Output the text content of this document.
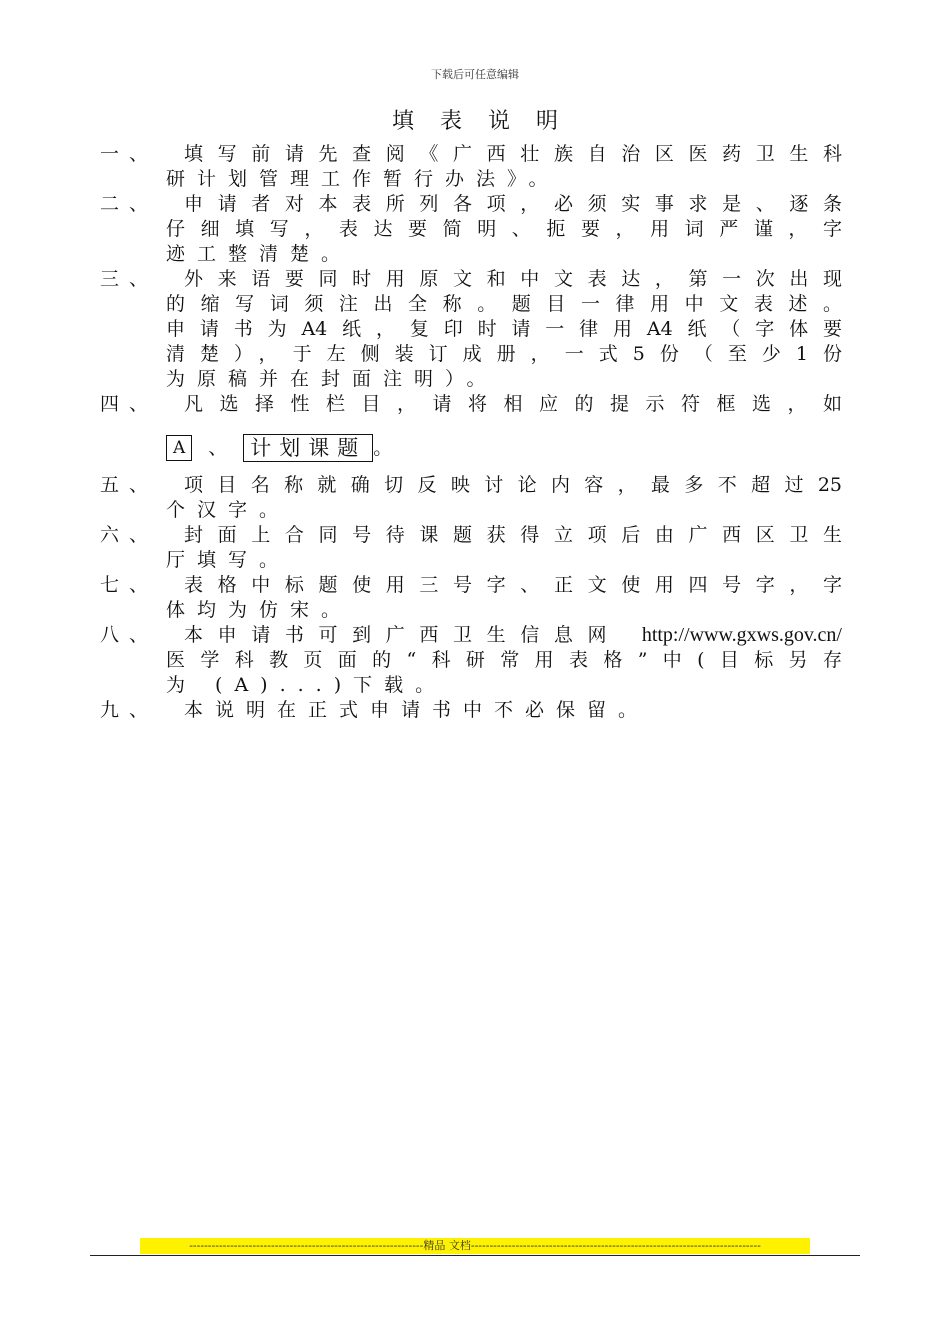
下载后可任意编辑
填表说明
一、	填写前请先查阅《广西壮族自治区医药卫生科
研计划管理工作暂行办法》。
二、	申请者对本表所列各项，必须实事求是、逐条
仔细填写，表达要简明、扼要，用词严谨，字
迹工整清楚。
三、	外来语要同时用原文和中文表达，第一次出现
的缩写词须注出全称。题目一律用中文表述。
申请书为A4纸，复印时请一律用A4纸（字体要
清楚），于左侧装订成册，一式5份（至少1份
为原稿并在封面注明）。
四、	凡选择性栏目，请将相应的提示符框选，如
A	、	计划课题 。
五、	项目名称就确切反映讨论内容，最多不超过25
个汉字。
六、	封面上合同号待课题获得立项后由广西区卫生
厅填写。
七、	表格中标题使用三号字、正文使用四号字，字
体均为仿宋。
八、	本申请书可到广西卫生信息网 http://www.gxws.gov.cn/
医学科教页面的“科研常用表格”中(目标另存
为 (A)...)下载。
九、	本说明在正式申请书中不必保留。
---------------------------------------------------------------精品 文档------------------------------------------------------------------------------
